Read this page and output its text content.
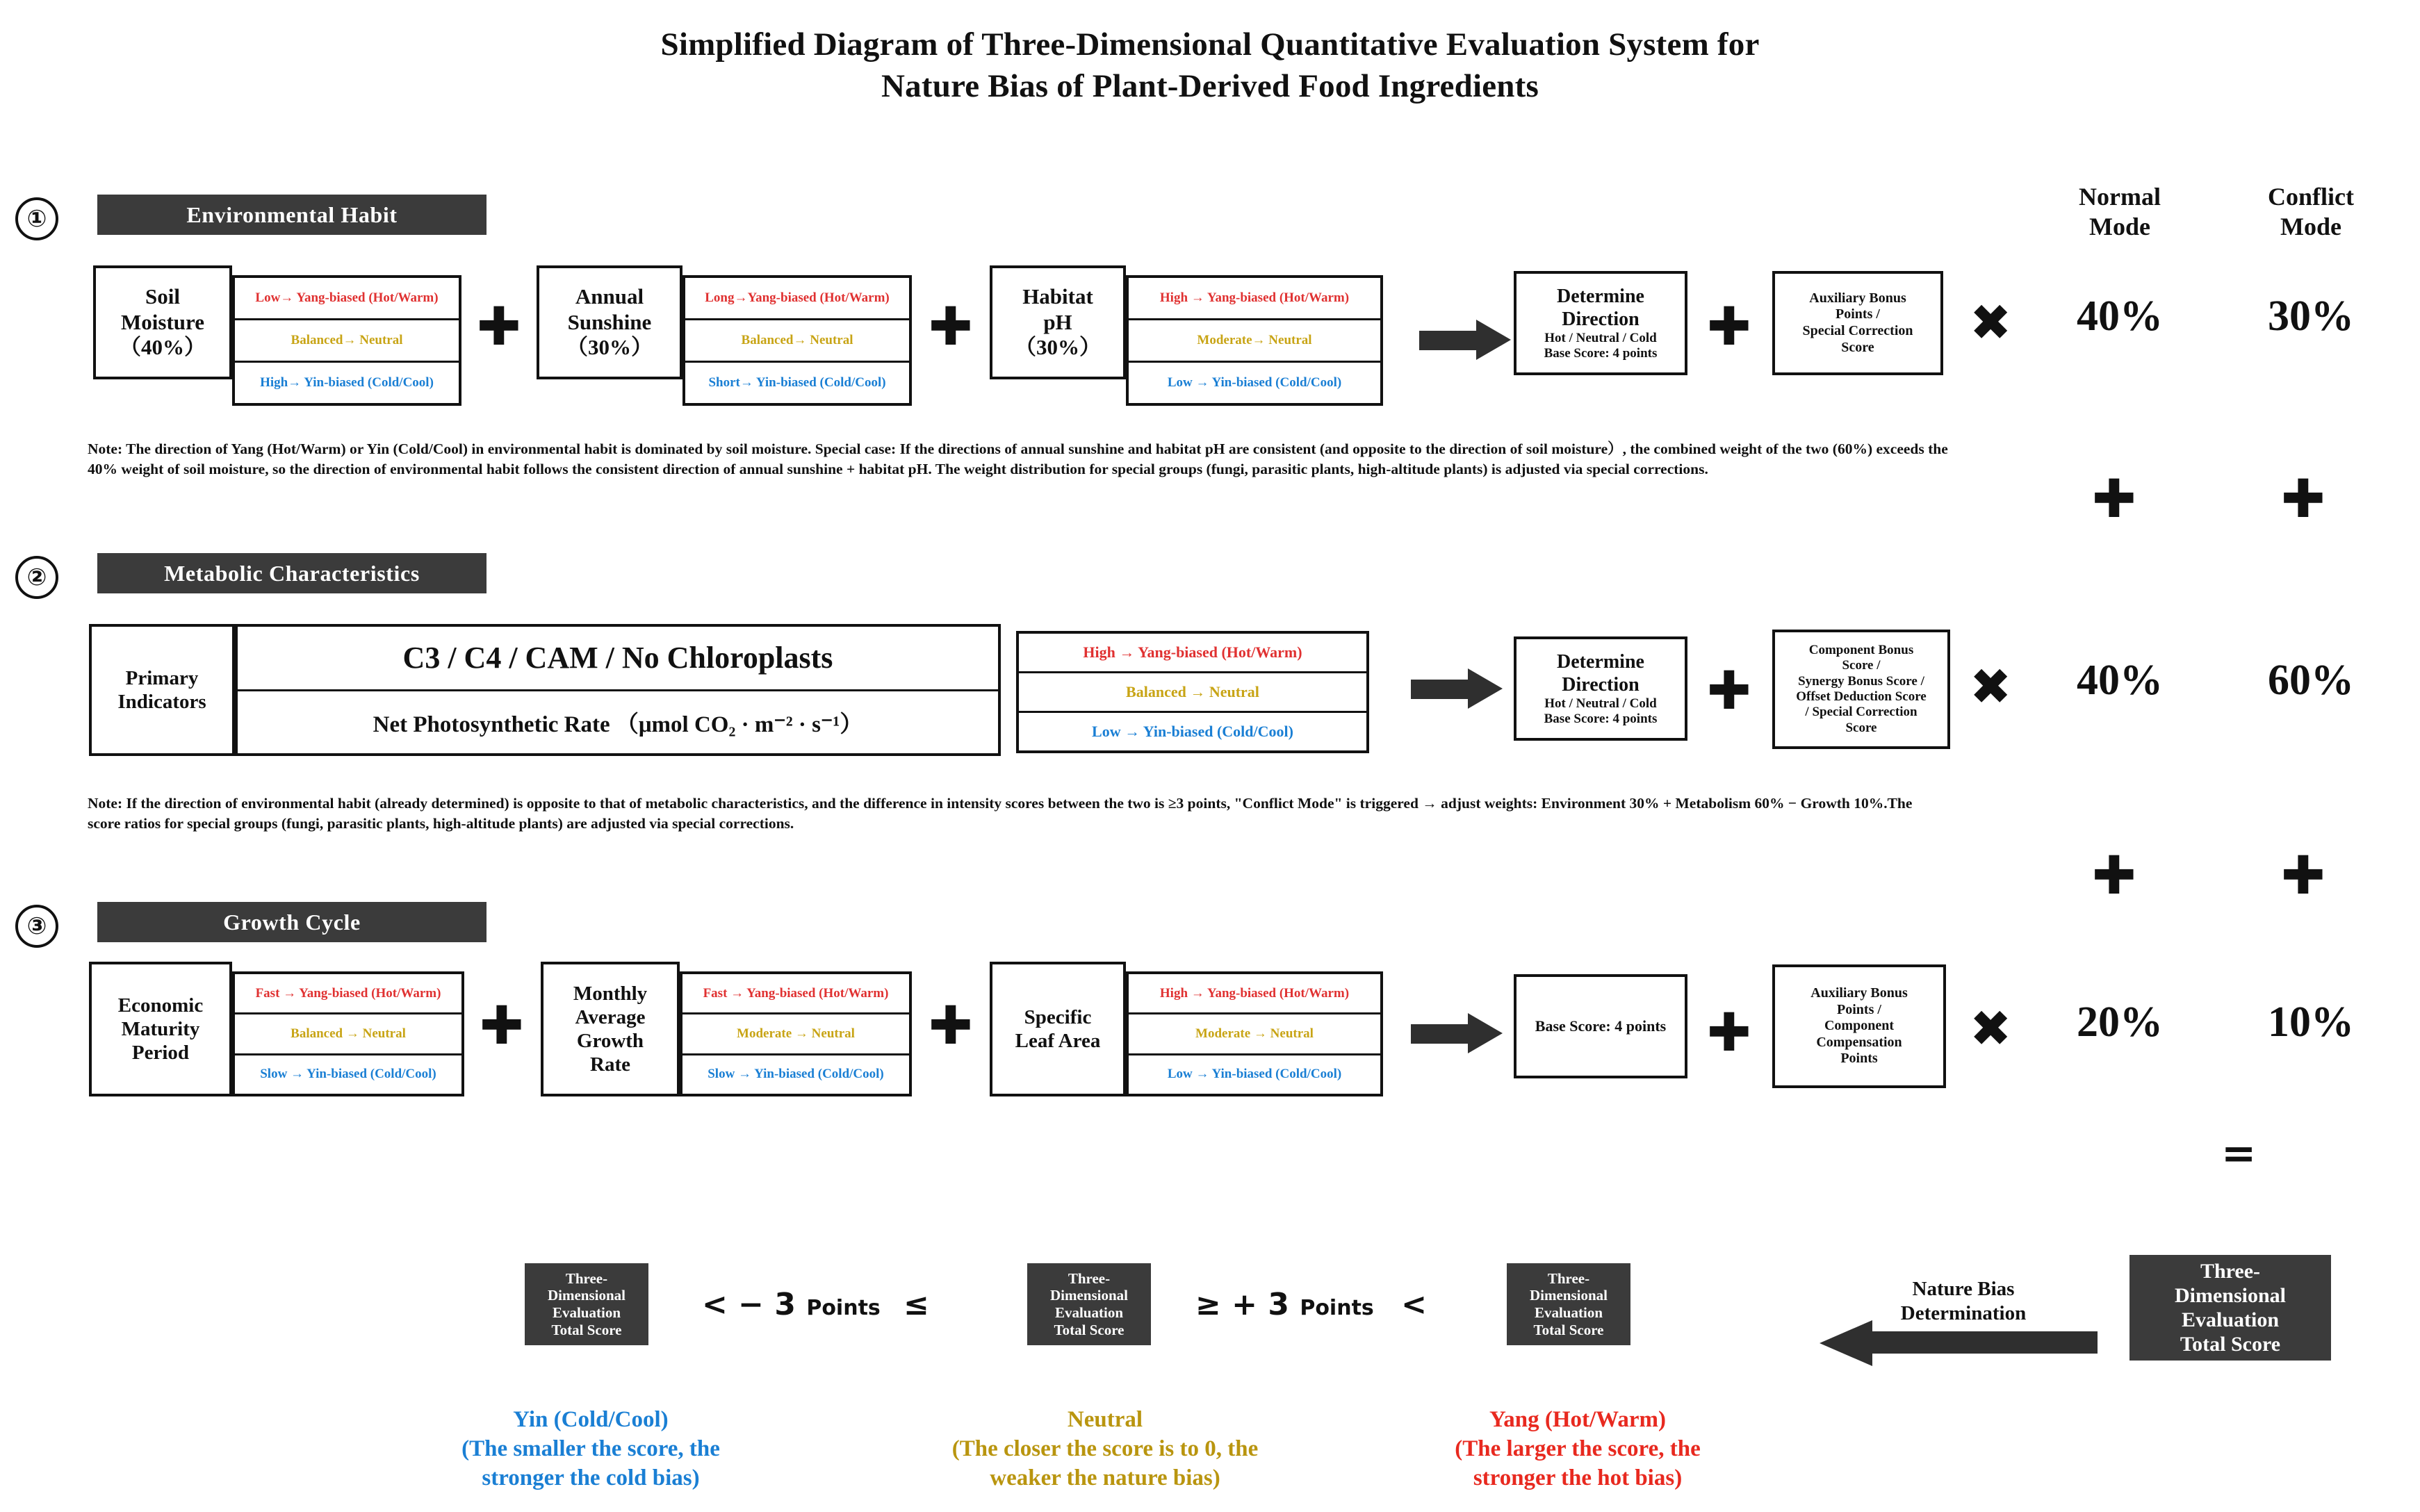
Simplified Diagram of Three-Dimensional Quantitative Evaluation System for
Nature Bias of Plant-Derived Food Ingredients
Normal
Mode
Conflict
Mode
①	Environmental Habit
Soil
Moisture
（40%）
Low→ Yang-biased (Hot/Warm)
Balanced→ Neutral
High→ Yin-biased (Cold/Cool)
✚	Annual
Sunshine
（30%）
Long→Yang-biased (Hot/Warm)
Balanced→ Neutral
Short→ Yin-biased (Cold/Cool)
✚	Habitat
pH
（30%）
High → Yang-biased (Hot/Warm)
Moderate→ Neutral
Low → Yin-biased (Cold/Cool)
Determine
Direction
Hot / Neutral / Cold
Base Score: 4 points ✚	Auxiliary Bonus
Points /
Special Correction
Score	✖	40%	30%
Note: The direction of Yang (Hot/Warm) or Yin (Cold/Cool) in environmental habit is dominated by soil moisture. Special case: If the directions of annual sunshine and habitat pH are consistent (and opposite to the direction of soil moisture）, the combined weight of the two (60%) exceeds the 40% weight of soil moisture, so the direction of environmental habit follows the consistent direction of annual sunshine + habitat pH. The weight distribution for special groups (fungi, parasitic plants, high-altitude plants) is adjusted via special corrections.	✚	✚
②	Metabolic Characteristics
Primary
Indicators
C3 / C4 / CAM / No Chloroplasts
Net Photosynthetic Rate （μmol CO₂ · m⁻² · s⁻¹）
High → Yang-biased (Hot/Warm)
Balanced → Neutral
Low → Yin-biased (Cold/Cool)
Determine
Direction
Hot / Neutral / Cold
Base Score: 4 points ✚
Component Bonus
Score /
Synergy Bonus Score /
Offset Deduction Score
/ Special Correction
Score
✖	40%	60%
Note: If the direction of environmental habit (already determined) is opposite to that of metabolic characteristics, and the difference in intensity scores between the two is ≥3 points, "Conflict Mode" is triggered → adjust weights: Environment 30% + Metabolism 60% − Growth 10%.The score ratios for special groups (fungi, parasitic plants, high-altitude plants) are adjusted via special corrections.
✚	✚
③	Growth Cycle
Economic
Maturity
Period
Fast → Yang-biased (Hot/Warm)
Balanced → Neutral
Slow → Yin-biased (Cold/Cool)
✚
Monthly
Average
Growth
Rate
Fast → Yang-biased (Hot/Warm)
Moderate → Neutral
Slow → Yin-biased (Cold/Cool)
✚	Specific
Leaf Area
High → Yang-biased (Hot/Warm)
Moderate → Neutral
Low → Yin-biased (Cold/Cool)
Base Score: 4 points ✚
Auxiliary Bonus
Points /
Component
Compensation
Points
✖	20%	10%
=
Three-
Dimensional
Evaluation
Total Score
< − 3 Points ≤
Three-
Dimensional
Evaluation
Total Score
≥ + 3 Points <
Three-
Dimensional
Evaluation
Total Score
Nature Bias
Determination
Three-
Dimensional
Evaluation
Total Score
Yin (Cold/Cool)
(The smaller the score, the
stronger the cold bias)
Neutral
(The closer the score is to 0, the
weaker the nature bias)
Yang (Hot/Warm)
(The larger the score, the
stronger the hot bias)
